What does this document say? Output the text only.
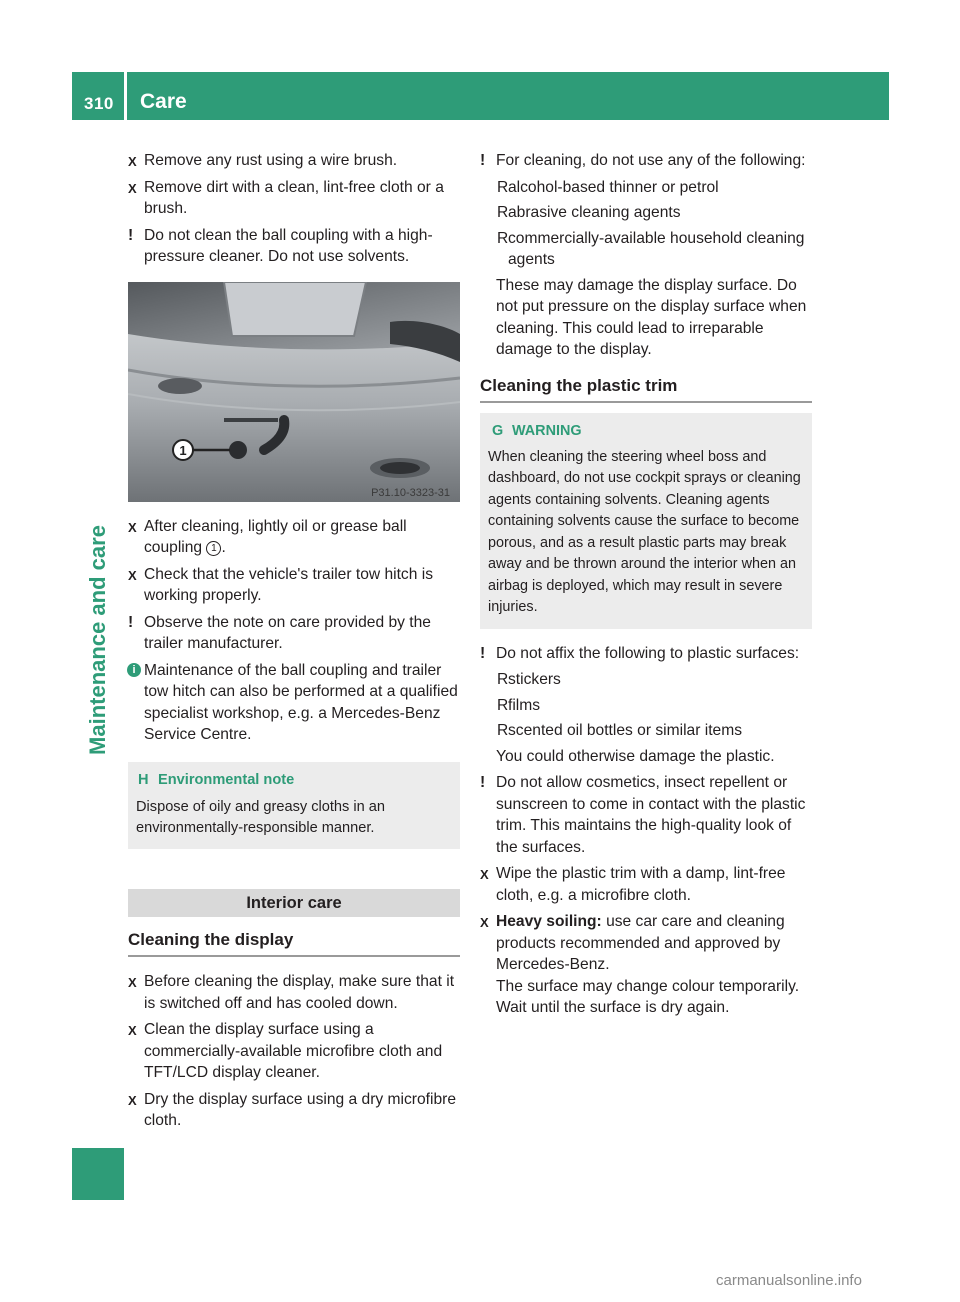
310 Care
Maintenance and care
X Remove any rust using a wire brush.
X Remove dirt with a clean, lint-free cloth or a brush.
! Do not clean the ball coupling with a high-pressure cleaner. Do not use solvents.
1
P31.10-3323-31
X After cleaning, lightly oil or grease ball coupling 1 .
X Check that the vehicle's trailer tow hitch is working properly.
! Observe the note on care provided by the trailer manufacturer.
i Maintenance of the ball coupling and trailer tow hitch can also be performed at a qualified specialist workshop, e.g. a Mercedes-Benz Service Centre.
H Environmental note
Dispose of oily and greasy cloths in an environmentally-responsible manner.
Interior care
Cleaning the display
X Before cleaning the display, make sure that it is switched off and has cooled down.
X Clean the display surface using a commercially-available microfibre cloth and TFT/LCD display cleaner.
X Dry the display surface using a dry microfibre cloth.
! For cleaning, do not use any of the following:
R alcohol-based thinner or petrol
R abrasive cleaning agents
R commercially-available household cleaning agents
These may damage the display surface. Do not put pressure on the display surface when cleaning. This could lead to irreparable damage to the display.
Cleaning the plastic trim
G WARNING
When cleaning the steering wheel boss and dashboard, do not use cockpit sprays or cleaning agents containing solvents. Cleaning agents containing solvents cause the surface to become porous, and as a result plastic parts may break away and be thrown around the interior when an airbag is deployed, which may result in severe injuries.
! Do not affix the following to plastic surfaces:
R stickers
R films
R scented oil bottles or similar items
You could otherwise damage the plastic.
! Do not allow cosmetics, insect repellent or sunscreen to come in contact with the plastic trim. This maintains the high-quality look of the surfaces.
X Wipe the plastic trim with a damp, lint-free cloth, e.g. a microfibre cloth.
X Heavy soiling: use car care and cleaning products recommended and approved by Mercedes-Benz.
The surface may change colour temporarily. Wait until the surface is dry again.
carmanualsonline.info
